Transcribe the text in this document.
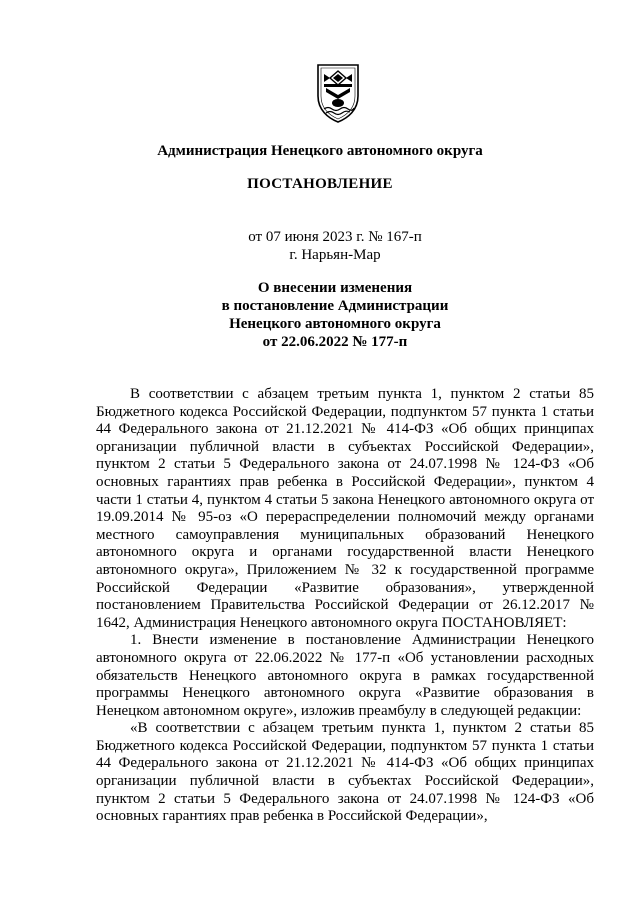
Администрация Ненецкого автономного округа
ПОСТАНОВЛЕНИЕ
от 07 июня 2023 г. № 167-п
г. Нарьян-Мар
О внесении изменения
в постановление Администрации
Ненецкого автономного округа
от 22.06.2022 № 177-п

В соответствии с абзацем третьим пункта 1, пунктом 2 статьи 85 Бюджетного кодекса Российской Федерации, подпунктом 57 пункта 1 статьи 44 Федерального закона от 21.12.2021 № 414-ФЗ «Об общих принципах организации публичной власти в субъектах Российской Федерации», пунктом 2 статьи 5 Федерального закона от 24.07.1998 № 124-ФЗ «Об основных гарантиях прав ребенка в Российской Федерации», пунктом 4 части 1 статьи 4, пунктом 4 статьи 5 закона Ненецкого автономного округа от 19.09.2014 № 95-оз «О перераспределении полномочий между органами местного самоуправления муниципальных образований Ненецкого автономного округа и органами государственной власти Ненецкого автономного округа», Приложением № 32 к государственной программе Российской Федерации «Развитие образования», утвержденной постановлением Правительства Российской Федерации от 26.12.2017 № 1642, Администрация Ненецкого автономного округа ПОСТАНОВЛЯЕТ:

1. Внести изменение в постановление Администрации Ненецкого автономного округа от 22.06.2022 № 177-п «Об установлении расходных обязательств Ненецкого автономного округа в рамках государственной программы Ненецкого автономного округа «Развитие образования в Ненецком автономном округе», изложив преамбулу в следующей редакции:

«В соответствии с абзацем третьим пункта 1, пунктом 2 статьи 85 Бюджетного кодекса Российской Федерации, подпунктом 57 пункта 1 статьи 44 Федерального закона от 21.12.2021 № 414-ФЗ «Об общих принципах организации публичной власти в субъектах Российской Федерации», пунктом 2 статьи 5 Федерального закона от 24.07.1998 № 124-ФЗ «Об основных гарантиях прав ребенка в Российской Федерации»,
